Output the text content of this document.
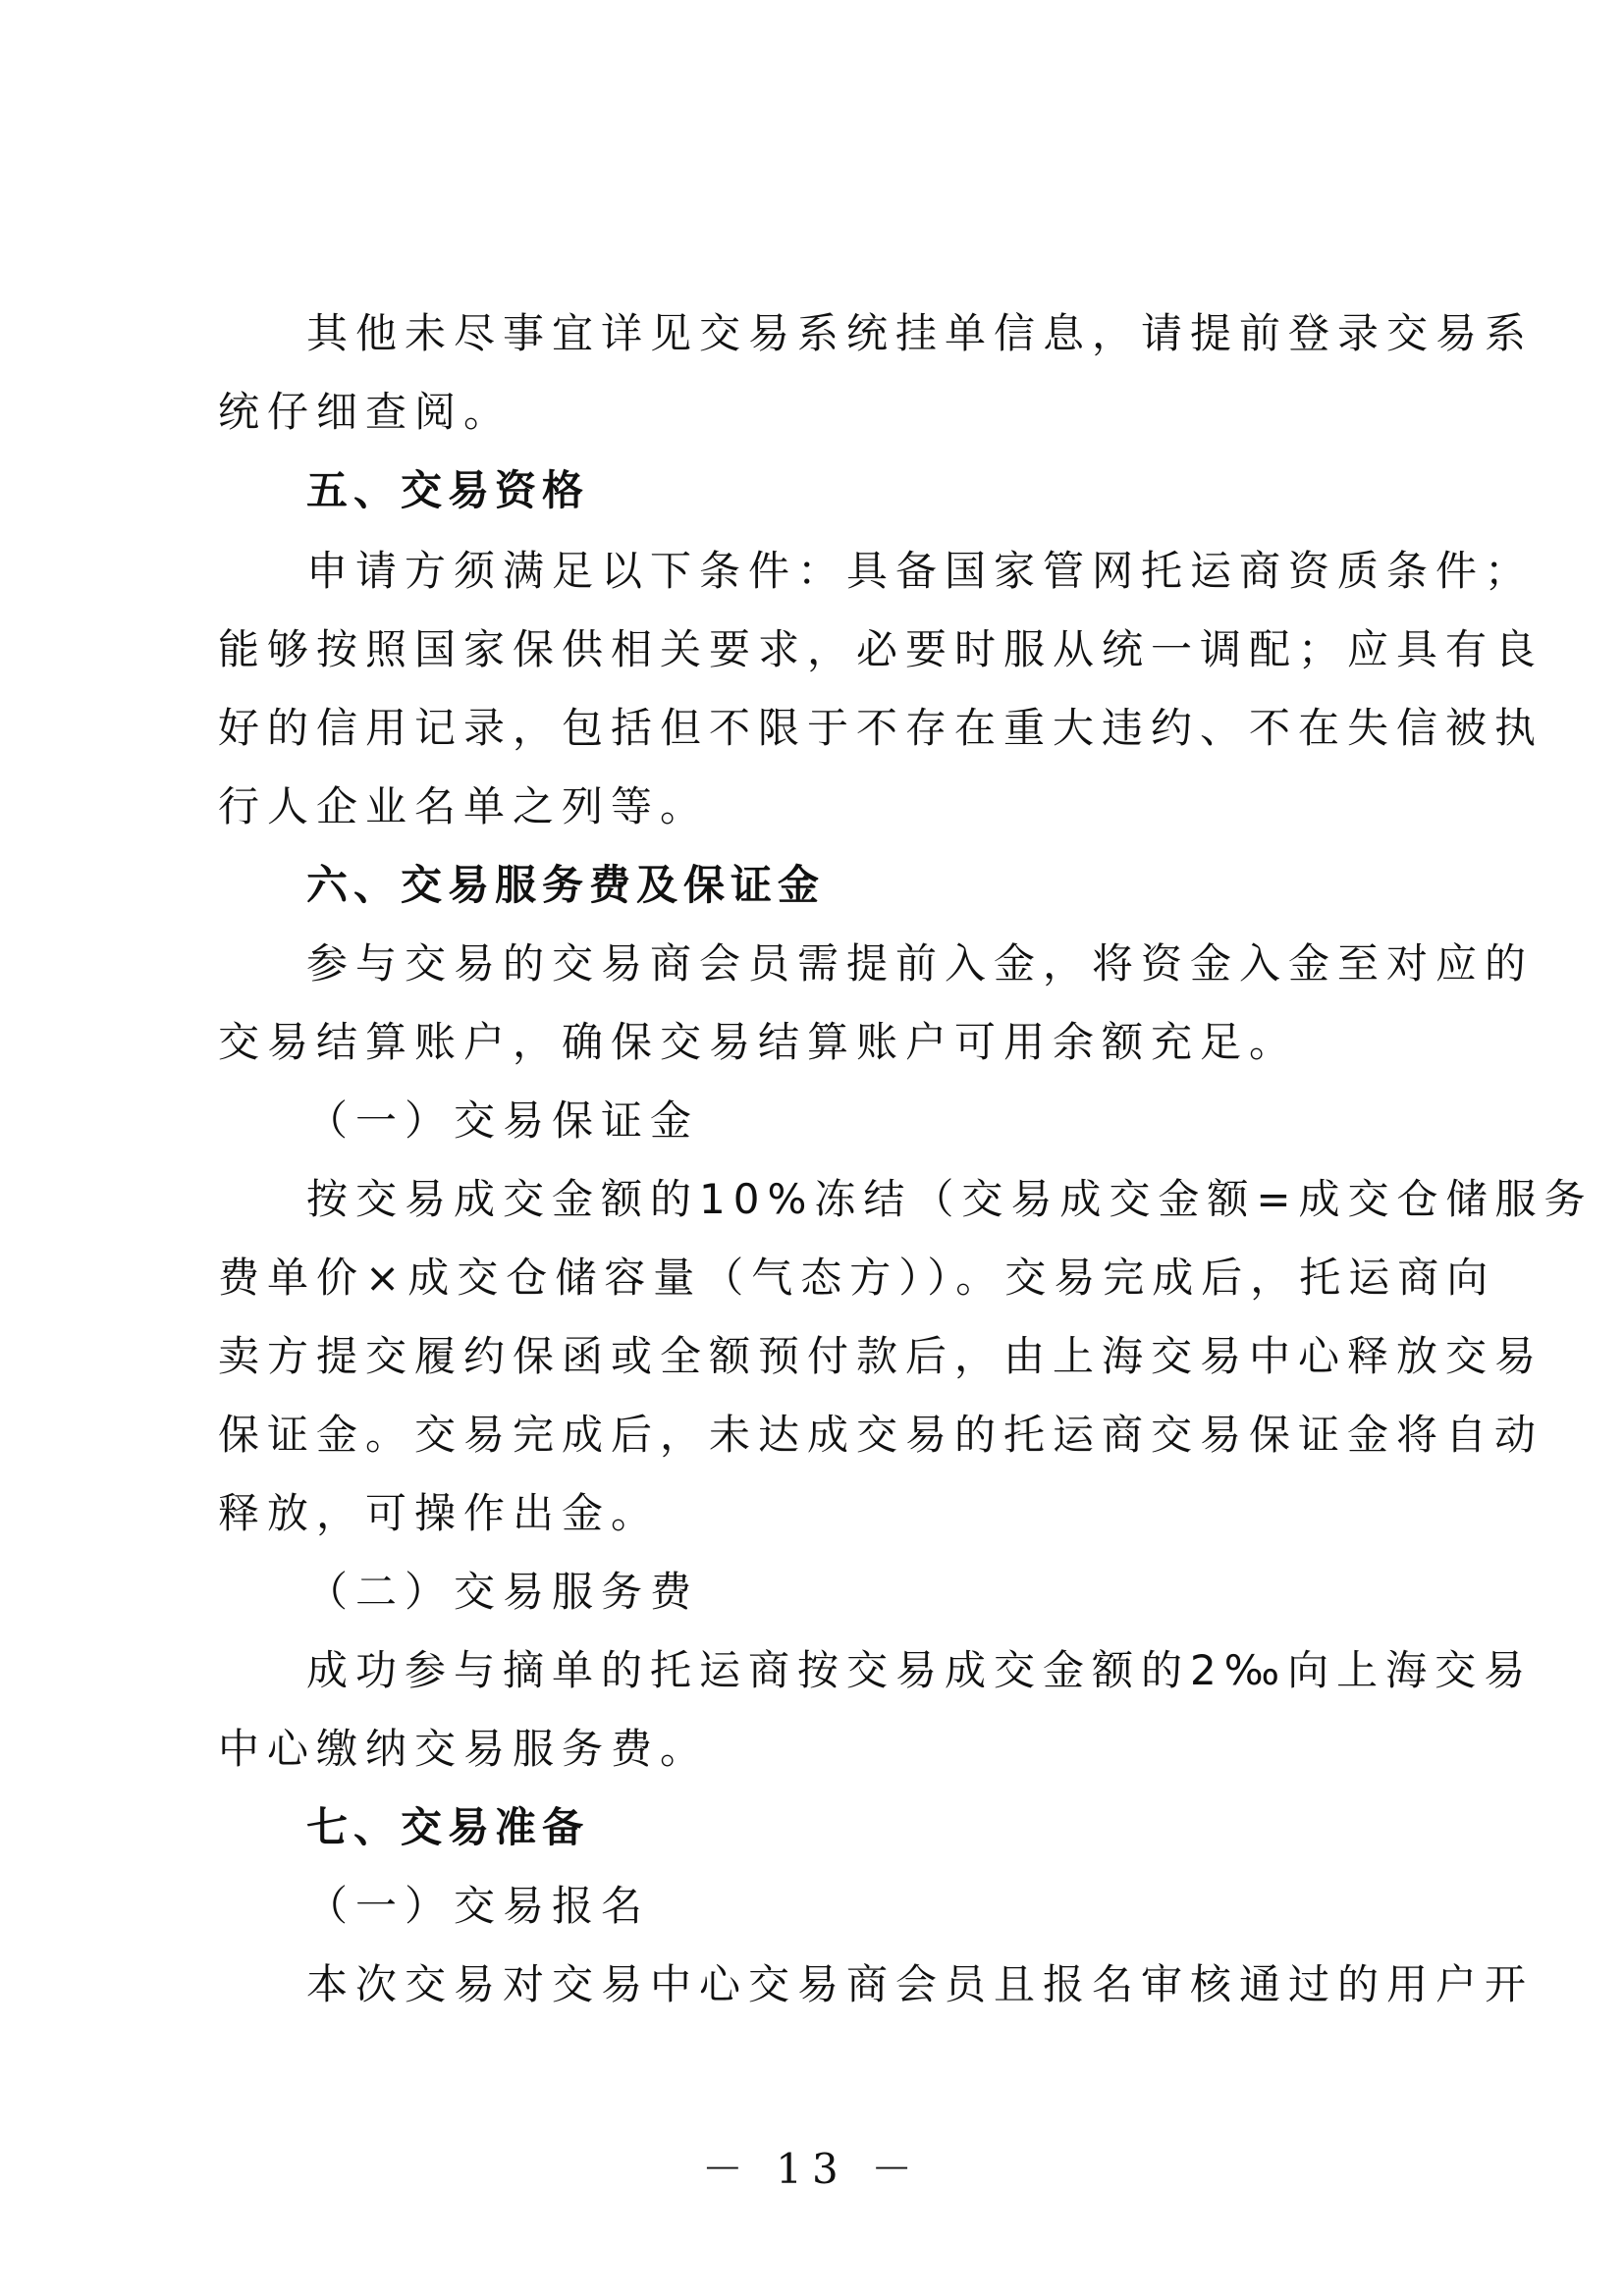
其他未尽事宜详见交易系统挂单信息，请提前登录交易系
统仔细查阅。
五、交易资格
申请方须满足以下条件：具备国家管网托运商资质条件；
能够按照国家保供相关要求，必要时服从统一调配；应具有良
好的信用记录，包括但不限于不存在重大违约、不在失信被执
行人企业名单之列等。
六、交易服务费及保证金
参与交易的交易商会员需提前入金，将资金入金至对应的
交易结算账户，确保交易结算账户可用余额充足。
（一）交易保证金
按交易成交金额的10%冻结（交易成交金额=成交仓储服务
费单价×成交仓储容量（气态方））。交易完成后，托运商向
卖方提交履约保函或全额预付款后，由上海交易中心释放交易
保证金。交易完成后，未达成交易的托运商交易保证金将自动
释放，可操作出金。
（二）交易服务费
成功参与摘单的托运商按交易成交金额的2‰向上海交易
中心缴纳交易服务费。
七、交易准备
（一）交易报名
本次交易对交易中心交易商会员且报名审核通过的用户开
－ 13 －
